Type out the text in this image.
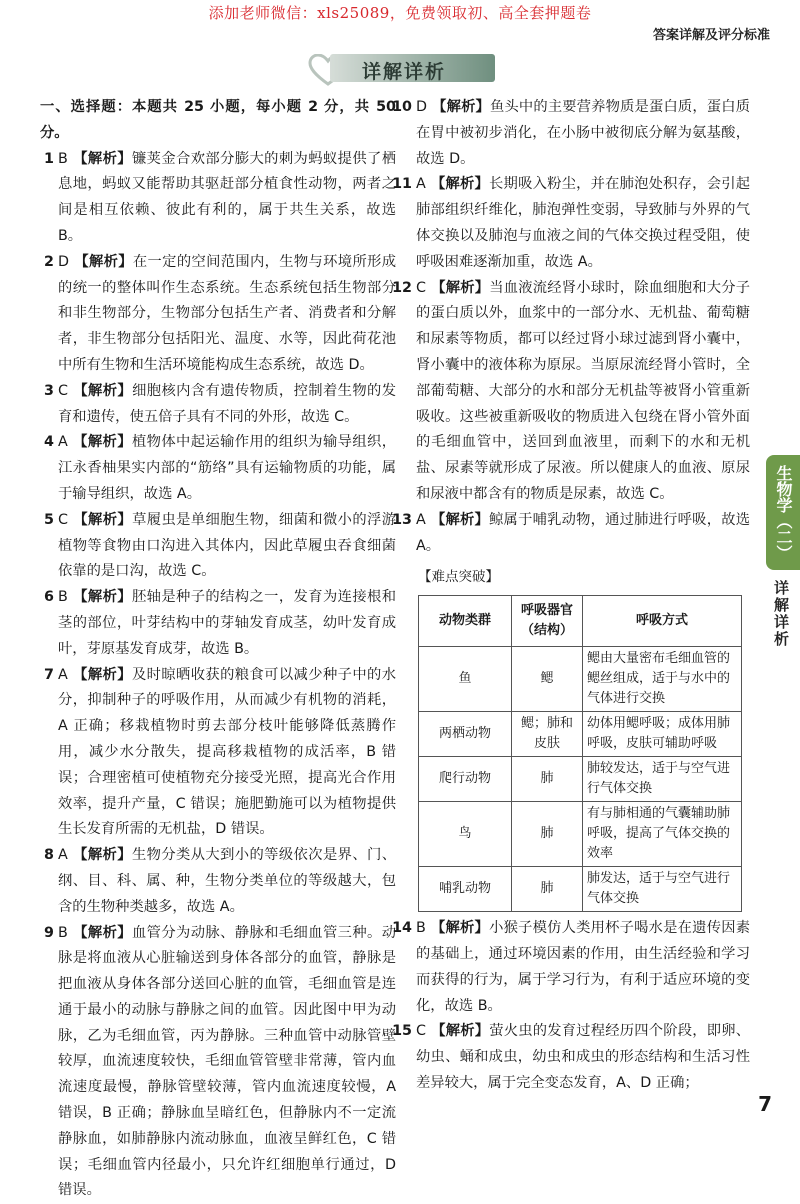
添加老师微信：xls25089，免费领取初、高全套押题卷
答案详解及评分标准
详解详析
一、选择题：本题共 25 小题，每小题 2 分，共 50 分。
1 B 【解析】镰荚金合欢部分膨大的刺为蚂蚁提供了栖息地，蚂蚁又能帮助其驱赶部分植食性动物，两者之间是相互依赖、彼此有利的，属于共生关系，故选 B。
2 D 【解析】在一定的空间范围内，生物与环境所形成的统一的整体叫作生态系统。生态系统包括生物部分和非生物部分，生物部分包括生产者、消费者和分解者，非生物部分包括阳光、温度、水等，因此荷花池中所有生物和生活环境能构成生态系统，故选 D。
3 C 【解析】细胞核内含有遗传物质，控制着生物的发育和遗传，使五倍子具有不同的外形，故选 C。
4 A 【解析】植物体中起运输作用的组织为输导组织，江永香柚果实内部的“筋络”具有运输物质的功能，属于输导组织，故选 A。
5 C 【解析】草履虫是单细胞生物，细菌和微小的浮游植物等食物由口沟进入其体内，因此草履虫吞食细菌依靠的是口沟，故选 C。
6 B 【解析】胚轴是种子的结构之一，发育为连接根和茎的部位，叶芽结构中的芽轴发育成茎，幼叶发育成叶，芽原基发育成芽，故选 B。
7 A 【解析】及时晾晒收获的粮食可以减少种子中的水分，抑制种子的呼吸作用，从而减少有机物的消耗，A 正确；移栽植物时剪去部分枝叶能够降低蒸腾作用，减少水分散失，提高移栽植物的成活率，B 错误；合理密植可使植物充分接受光照，提高光合作用效率，提升产量，C 错误；施肥勤施可以为植物提供生长发育所需的无机盐，D 错误。
8 A 【解析】生物分类从大到小的等级依次是界、门、纲、目、科、属、种，生物分类单位的等级越大，包含的生物种类越多，故选 A。
9 B 【解析】血管分为动脉、静脉和毛细血管三种。动脉是将血液从心脏输送到身体各部分的血管，静脉是把血液从身体各部分送回心脏的血管，毛细血管是连通于最小的动脉与静脉之间的血管。因此图中甲为动脉，乙为毛细血管，丙为静脉。三种血管中动脉管壁较厚，血流速度较快，毛细血管管壁非常薄，管内血流速度最慢，静脉管壁较薄，管内血流速度较慢，A 错误，B 正确；静脉血呈暗红色，但静脉内不一定流静脉血，如肺静脉内流动脉血，血液呈鲜红色，C 错误；毛细血管内径最小，只允许红细胞单行通过，D 错误。
10 D 【解析】鱼头中的主要营养物质是蛋白质，蛋白质在胃中被初步消化，在小肠中被彻底分解为氨基酸，故选 D。
11 A 【解析】长期吸入粉尘，并在肺泡处积存，会引起肺部组织纤维化，肺泡弹性变弱，导致肺与外界的气体交换以及肺泡与血液之间的气体交换过程受阻，使呼吸困难逐渐加重，故选 A。
12 C 【解析】当血液流经肾小球时，除血细胞和大分子的蛋白质以外，血浆中的一部分水、无机盐、葡萄糖和尿素等物质，都可以经过肾小球过滤到肾小囊中，肾小囊中的液体称为原尿。当原尿流经肾小管时，全部葡萄糖、大部分的水和部分无机盐等被肾小管重新吸收。这些被重新吸收的物质进入包绕在肾小管外面的毛细血管中，送回到血液里，而剩下的水和无机盐、尿素等就形成了尿液。所以健康人的血液、原尿和尿液中都含有的物质是尿素，故选 C。
13 A 【解析】鲸属于哺乳动物，通过肺进行呼吸，故选 A。
【难点突破】
动物类群	呼吸器官（结构）	呼吸方式
鱼	鳃	鳃由大量密布毛细血管的鳃丝组成，适于与水中的气体进行交换
两栖动物	鳃；肺和皮肤	幼体用鳃呼吸；成体用肺呼吸，皮肤可辅助呼吸
爬行动物	肺	肺较发达，适于与空气进行气体交换
鸟	肺	有与肺相通的气囊辅助肺呼吸，提高了气体交换的效率
哺乳动物	肺	肺发达，适于与空气进行气体交换
14 B 【解析】小猴子模仿人类用杯子喝水是在遗传因素的基础上，通过环境因素的作用，由生活经验和学习而获得的行为，属于学习行为，有利于适应环境的变化，故选 B。
15 C 【解析】萤火虫的发育过程经历四个阶段，即卵、幼虫、蛹和成虫，幼虫和成虫的形态结构和生活习性差异较大，属于完全变态发育，A、D 正确；
生物学（二）
详解详析
7
